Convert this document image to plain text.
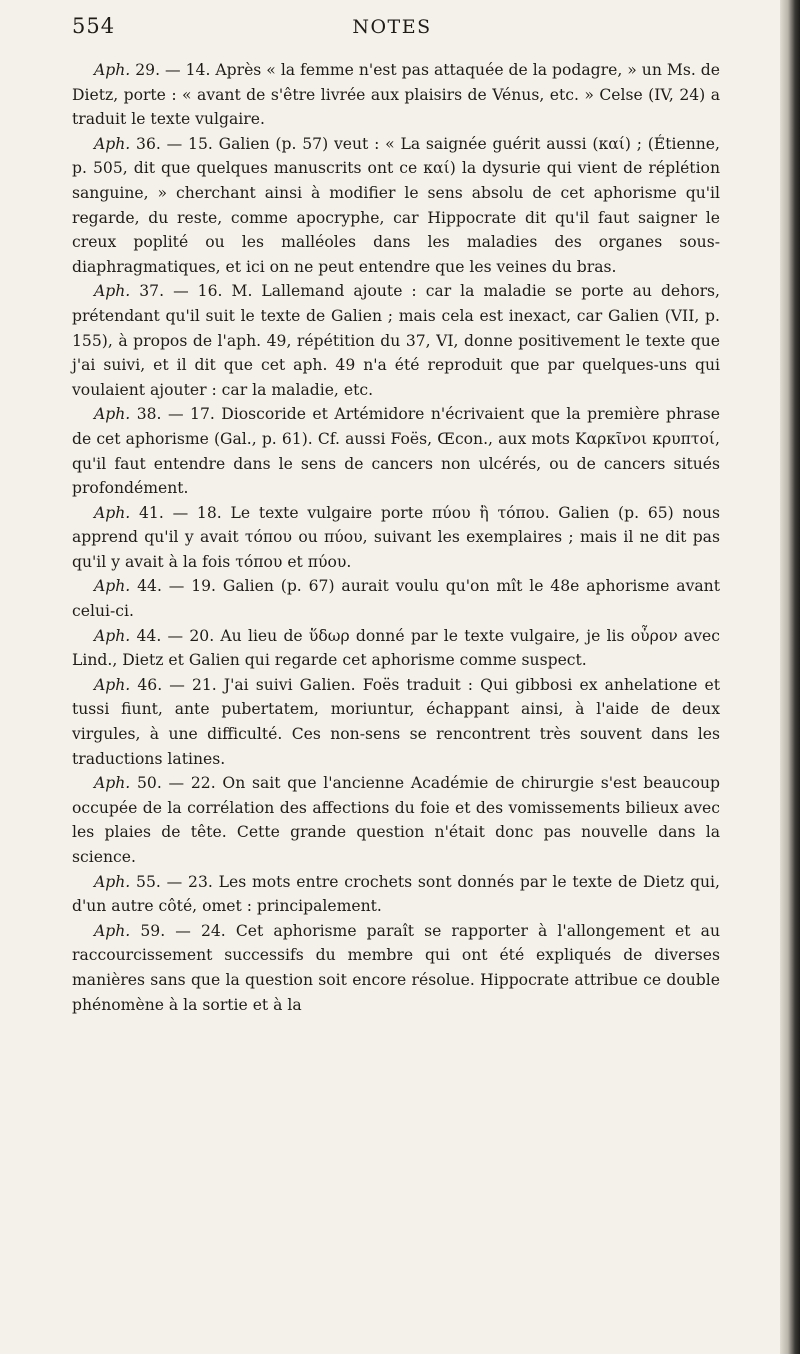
554	NOTES

Aph. 29. — 14. Après « la femme n'est pas attaquée de la podagre, » un Ms. de Dietz, porte : « avant de s'être livrée aux plaisirs de Vénus, etc. » Celse (IV, 24) a traduit le texte vulgaire.

Aph. 36. — 15. Galien (p. 57) veut : « La saignée guérit aussi (καί) ; (Étienne, p. 505, dit que quelques manuscrits ont ce καί) la dysurie qui vient de réplétion sanguine, » cherchant ainsi à modifier le sens absolu de cet aphorisme qu'il regarde, du reste, comme apocryphe, car Hippocrate dit qu'il faut saigner le creux poplité ou les malléoles dans les maladies des organes sous-diaphragmatiques, et ici on ne peut entendre que les veines du bras.

Aph. 37. — 16. M. Lallemand ajoute : car la maladie se porte au dehors, prétendant qu'il suit le texte de Galien ; mais cela est inexact, car Galien (VII, p. 155), à propos de l'aph. 49, répétition du 37, VI, donne positivement le texte que j'ai suivi, et il dit que cet aph. 49 n'a été reproduit que par quelques-uns qui voulaient ajouter : car la maladie, etc.

Aph. 38. — 17. Dioscoride et Artémidore n'écrivaient que la première phrase de cet aphorisme (Gal., p. 61). Cf. aussi Foës, Œcon., aux mots Καρκῖνοι κρυπτοί, qu'il faut entendre dans le sens de cancers non ulcérés, ou de cancers situés profondément.

Aph. 41. — 18. Le texte vulgaire porte πύου ἢ τόπου. Galien (p. 65) nous apprend qu'il y avait τόπου ou πύου, suivant les exemplaires ; mais il ne dit pas qu'il y avait à la fois τόπου et πύου.

Aph. 44. — 19. Galien (p. 67) aurait voulu qu'on mît le 48e aphorisme avant celui-ci.

Aph. 44. — 20. Au lieu de ὕδωρ donné par le texte vulgaire, je lis οὖρον avec Lind., Dietz et Galien qui regarde cet aphorisme comme suspect.

Aph. 46. — 21. J'ai suivi Galien. Foës traduit : Qui gibbosi ex anhelatione et tussi fiunt, ante pubertatem, moriuntur, échappant ainsi, à l'aide de deux virgules, à une difficulté. Ces non-sens se rencontrent très souvent dans les traductions latines.

Aph. 50. — 22. On sait que l'ancienne Académie de chirurgie s'est beaucoup occupée de la corrélation des affections du foie et des vomissements bilieux avec les plaies de tête. Cette grande question n'était donc pas nouvelle dans la science.

Aph. 55. — 23. Les mots entre crochets sont donnés par le texte de Dietz qui, d'un autre côté, omet : principalement.

Aph. 59. — 24. Cet aphorisme paraît se rapporter à l'allongement et au raccourcissement successifs du membre qui ont été expliqués de diverses manières sans que la question soit encore résolue. Hippocrate attribue ce double phénomène à la sortie et à la
